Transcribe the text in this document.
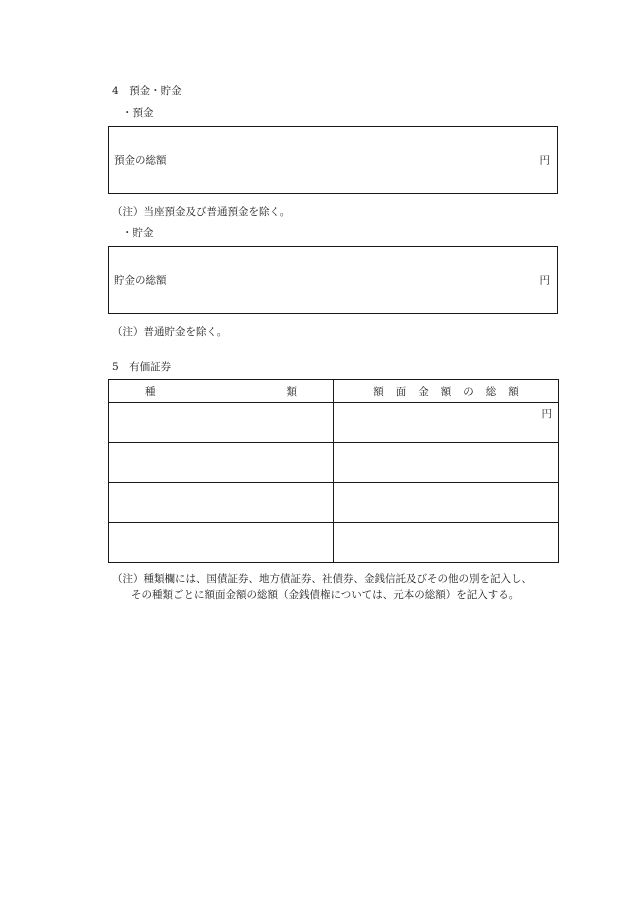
4　預金・貯金
・預金
預金の総額	円
（注）当座預金及び普通預金を除く。
・貯金
貯金の総額	円
（注）普通貯金を除く。
5　有価証券
種 類	額 面 金 額 の 総 額

	円

（注）種類欄には、国債証券、地方債証券、社債券、金銭信託及びその他の別を記入し、
その種類ごとに額面金額の総額（金銭債権については、元本の総額）を記入する。
